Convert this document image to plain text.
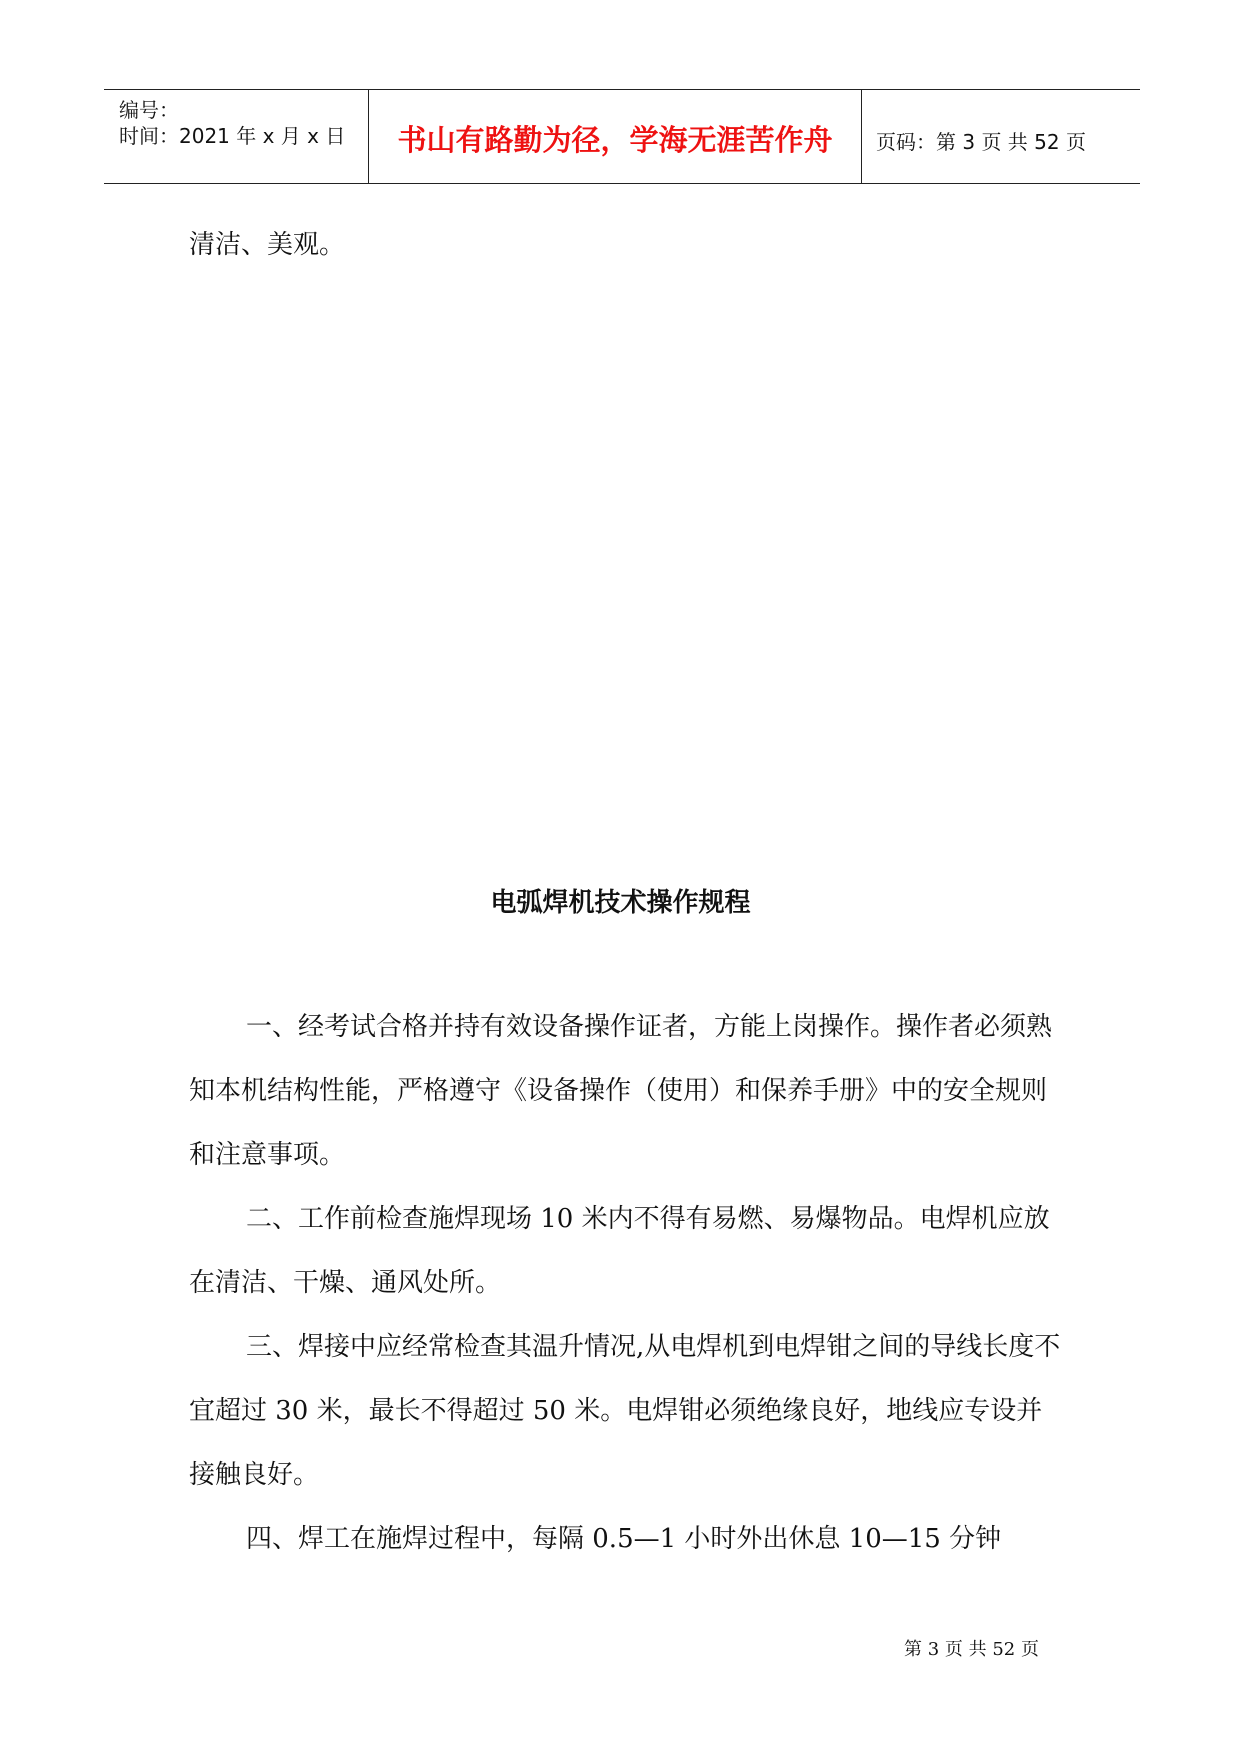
编号：
时间：2021 年 x 月 x 日	书山有路勤为径，学海无涯苦作舟	页码：第 3 页 共 52 页

清洁、美观。

电弧焊机技术操作规程

一、经考试合格并持有效设备操作证者，方能上岗操作。操作者必须熟知本机结构性能，严格遵守《设备操作（使用）和保养手册》中的安全规则和注意事项。

二、工作前检查施焊现场 10 米内不得有易燃、易爆物品。电焊机应放在清洁、干燥、通风处所。

三、焊接中应经常检查其温升情况,从电焊机到电焊钳之间的导线长度不宜超过 30 米，最长不得超过 50 米。电焊钳必须绝缘良好，地线应专设并接触良好。

四、焊工在施焊过程中，每隔 0.5—1 小时外出休息 10—15 分钟

第 3 页 共 52 页
